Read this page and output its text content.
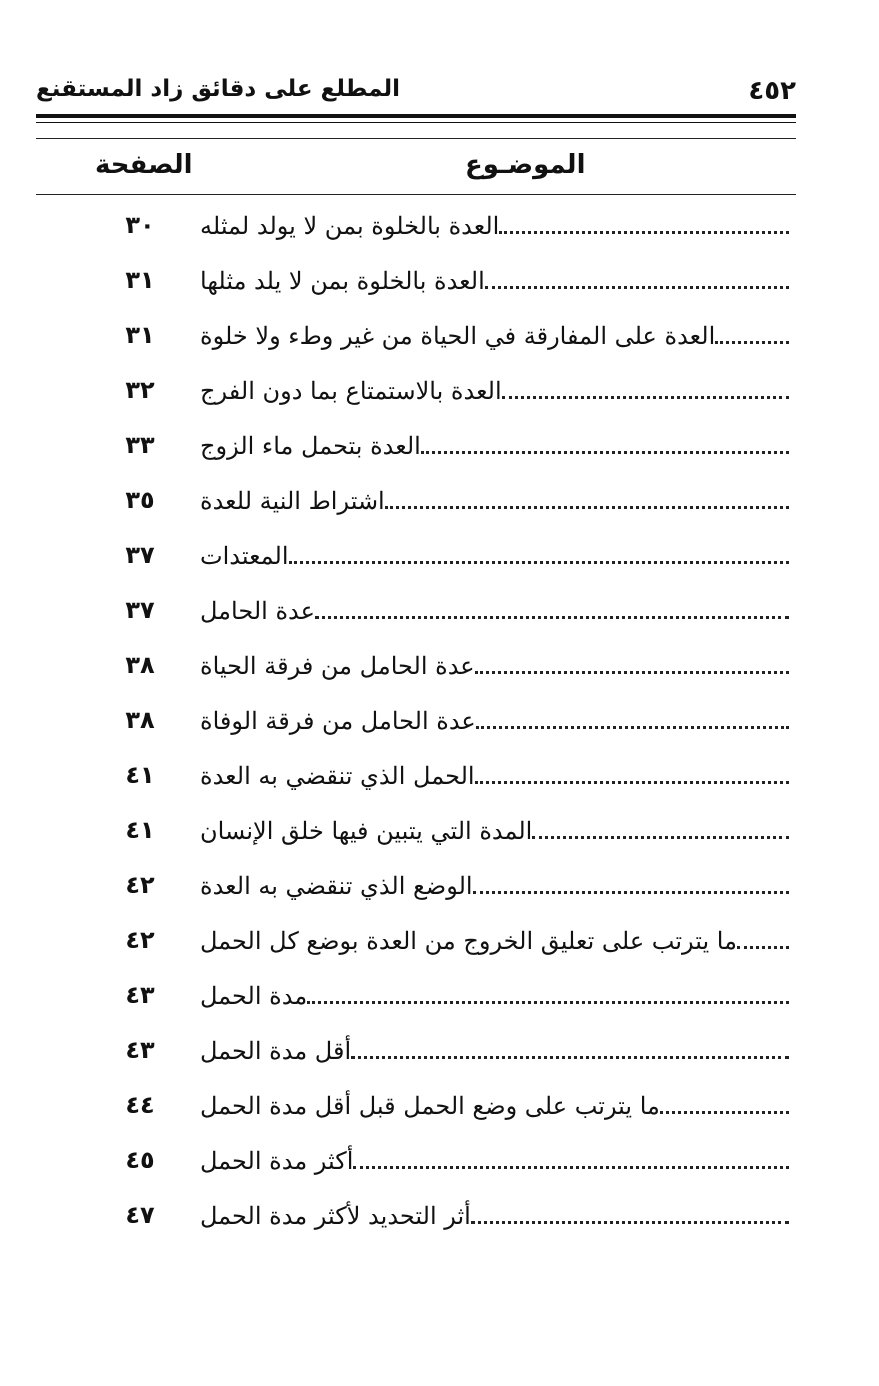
٤٥٢
المطلع على دقائق زاد المستقنع
الموضـوع
الصفحة
العدة بالخلوة بمن لا يولد لمثله
٣٠
العدة بالخلوة بمن لا يلد مثلها
٣١
العدة على المفارقة في الحياة من غير وطء ولا خلوة
٣١
العدة بالاستمتاع بما دون الفرج
٣٢
العدة بتحمل ماء الزوج
٣٣
اشتراط النية للعدة
٣٥
المعتدات
٣٧
عدة الحامل
٣٧
عدة الحامل من فرقة الحياة
٣٨
عدة الحامل من فرقة الوفاة
٣٨
الحمل الذي تنقضي به العدة
٤١
المدة التي يتبين فيها خلق الإنسان
٤١
الوضع الذي تنقضي به العدة
٤٢
ما يترتب على تعليق الخروج من العدة بوضع كل الحمل
٤٢
مدة الحمل
٤٣
أقل مدة الحمل
٤٣
ما يترتب على وضع الحمل قبل أقل مدة الحمل
٤٤
أكثر مدة الحمل
٤٥
أثر التحديد لأكثر مدة الحمل
٤٧
